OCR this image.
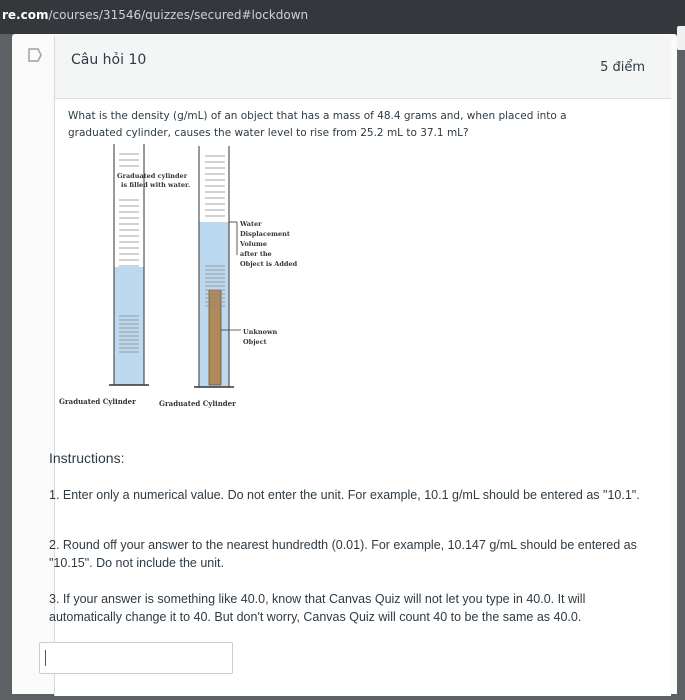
re.com/courses/31546/quizzes/secured#lockdown
Câu hỏi 10	5 điểm
What is the density (g/mL) of an object that has a mass of 48.4 grams and, when placed into a graduated cylinder, causes the water level to rise from 25.2 mL to 37.1 mL?
Graduated cylinder
is filled with water.
Water
Displacement
Volume
after the
Object is Added
Unknown
Object
Graduated Cylinder	Graduated Cylinder
Instructions:
1. Enter only a numerical value. Do not enter the unit. For example, 10.1 g/mL should be entered as "10.1".
2. Round off your answer to the nearest hundredth (0.01). For example, 10.147 g/mL should be entered as "10.15". Do not include the unit.
3. If your answer is something like 40.0, know that Canvas Quiz will not let you type in 40.0. It will automatically change it to 40. But don't worry, Canvas Quiz will count 40 to be the same as 40.0.
